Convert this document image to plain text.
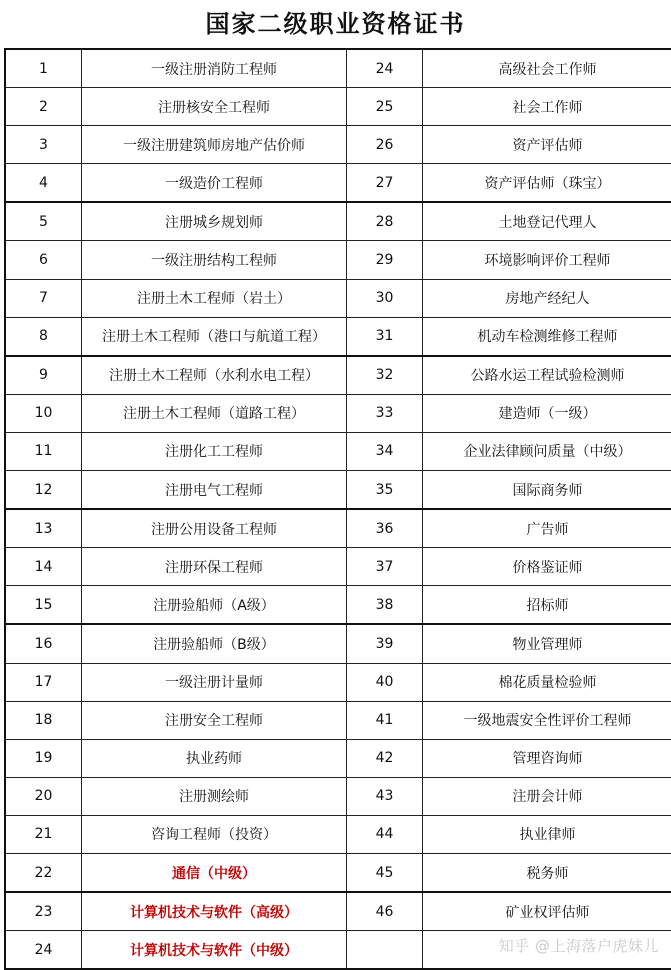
国家二级职业资格证书
1	一级注册消防工程师	24	高级社会工作师
2	注册核安全工程师	25	社会工作师
3	一级注册建筑师房地产估价师	26	资产评估师
4	一级造价工程师	27	资产评估师（珠宝）
5	注册城乡规划师	28	土地登记代理人
6	一级注册结构工程师	29	环境影响评价工程师
7	注册土木工程师（岩土）	30	房地产经纪人
8	注册土木工程师（港口与航道工程）	31	机动车检测维修工程师
9	注册土木工程师（水利水电工程）	32	公路水运工程试验检测师
10	注册土木工程师（道路工程）	33	建造师（一级）
11	注册化工工程师	34	企业法律顾问质量（中级）
12	注册电气工程师	35	国际商务师
13	注册公用设备工程师	36	广告师
14	注册环保工程师	37	价格鉴证师
15	注册验船师（A级）	38	招标师
16	注册验船师（B级）	39	物业管理师
17	一级注册计量师	40	棉花质量检验师
18	注册安全工程师	41	一级地震安全性评价工程师
19	执业药师	42	管理咨询师
20	注册测绘师	43	注册会计师
21	咨询工程师（投资）	44	执业律师
22	通信（中级）	45	税务师
23	计算机技术与软件（高级）	46	矿业权评估师
24	计算机技术与软件（中级）			知乎 @上海落户虎妹儿
